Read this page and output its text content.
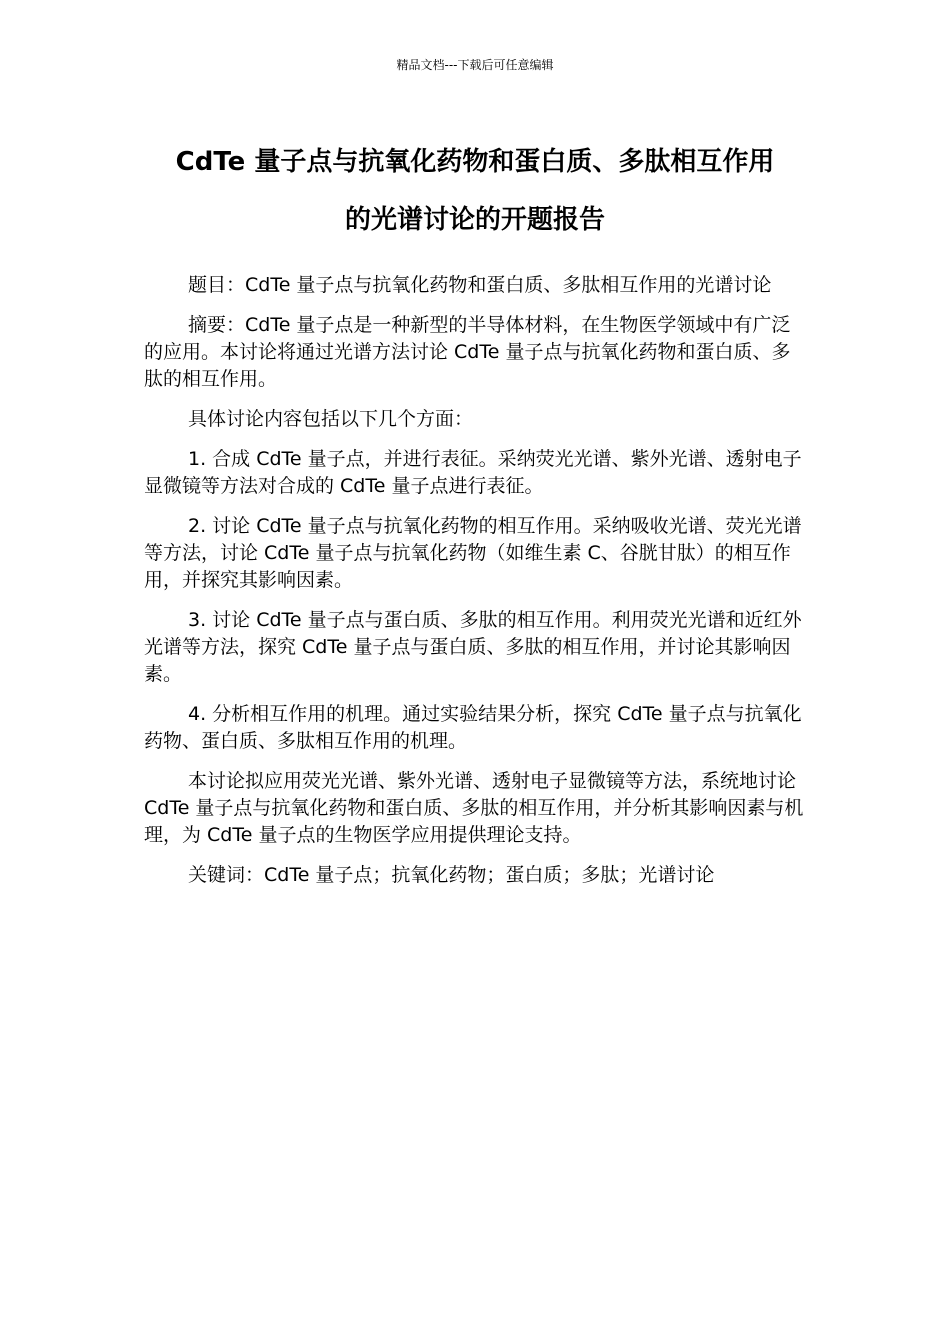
精品文档---下载后可任意编辑
CdTe 量子点与抗氧化药物和蛋白质、多肽相互作用
的光谱讨论的开题报告

题目：CdTe 量子点与抗氧化药物和蛋白质、多肽相互作用的光谱讨论

摘要：CdTe 量子点是一种新型的半导体材料，在生物医学领域中有广泛的应用。本讨论将通过光谱方法讨论 CdTe 量子点与抗氧化药物和蛋白质、多肽的相互作用。

具体讨论内容包括以下几个方面：

1. 合成 CdTe 量子点，并进行表征。采纳荧光光谱、紫外光谱、透射电子显微镜等方法对合成的 CdTe 量子点进行表征。

2. 讨论 CdTe 量子点与抗氧化药物的相互作用。采纳吸收光谱、荧光光谱等方法，讨论 CdTe 量子点与抗氧化药物（如维生素 C、谷胱甘肽）的相互作用，并探究其影响因素。

3. 讨论 CdTe 量子点与蛋白质、多肽的相互作用。利用荧光光谱和近红外光谱等方法，探究 CdTe 量子点与蛋白质、多肽的相互作用，并讨论其影响因素。

4. 分析相互作用的机理。通过实验结果分析，探究 CdTe 量子点与抗氧化药物、蛋白质、多肽相互作用的机理。

本讨论拟应用荧光光谱、紫外光谱、透射电子显微镜等方法，系统地讨论 CdTe 量子点与抗氧化药物和蛋白质、多肽的相互作用，并分析其影响因素与机理，为 CdTe 量子点的生物医学应用提供理论支持。

关键词：CdTe 量子点；抗氧化药物；蛋白质；多肽；光谱讨论
